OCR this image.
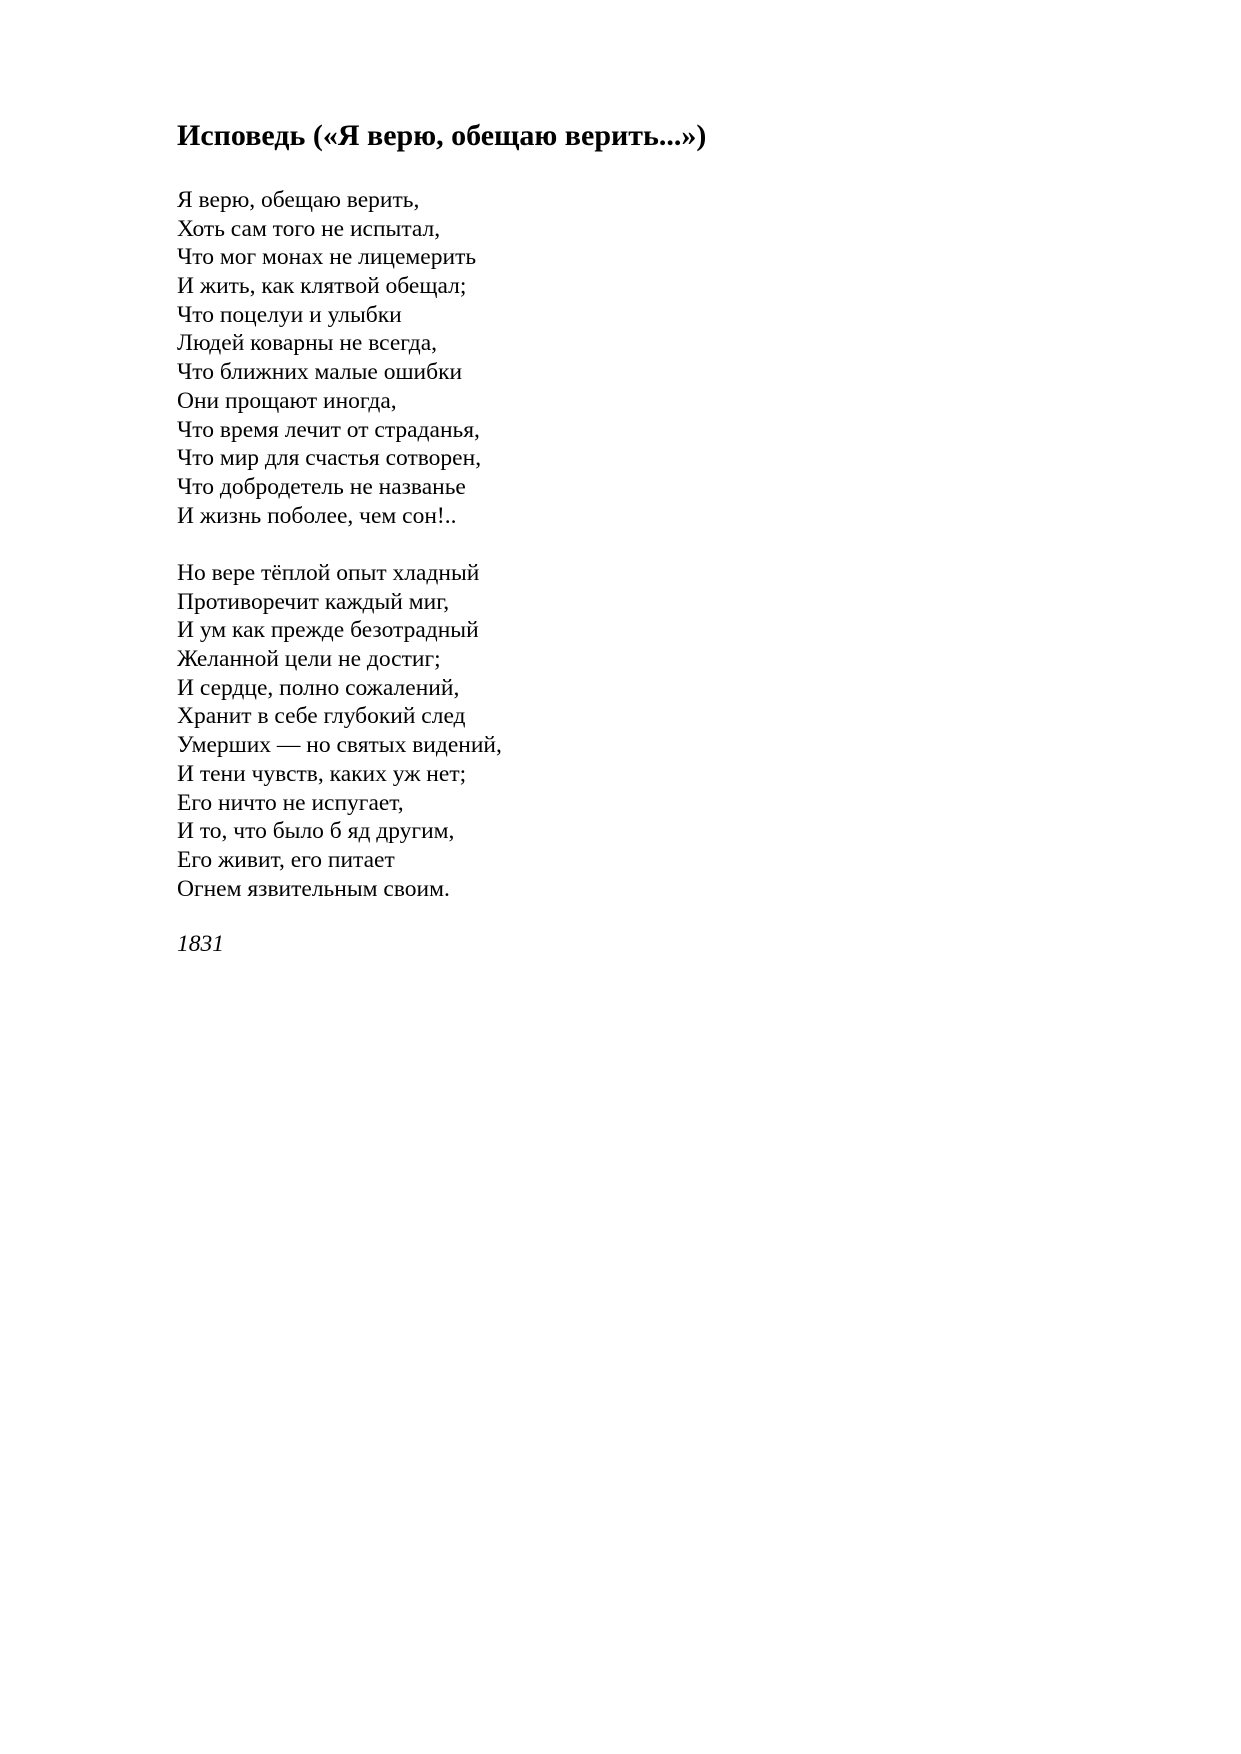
Исповедь («Я верю, обещаю верить...»)
Я верю, обещаю верить,
Хоть сам того не испытал,
Что мог монах не лицемерить
И жить, как клятвой обещал;
Что поцелуи и улыбки
Людей коварны не всегда,
Что ближних малые ошибки
Они прощают иногда,
Что время лечит от страданья,
Что мир для счастья сотворен,
Что добродетель не названье
И жизнь поболее, чем сон!..
Но вере тёплой опыт хладный
Противоречит каждый миг,
И ум как прежде безотрадный
Желанной цели не достиг;
И сердце, полно сожалений,
Хранит в себе глубокий след
Умерших — но святых видений,
И тени чувств, каких уж нет;
Его ничто не испугает,
И то, что было б яд другим,
Его живит, его питает
Огнем язвительным своим.

1831
